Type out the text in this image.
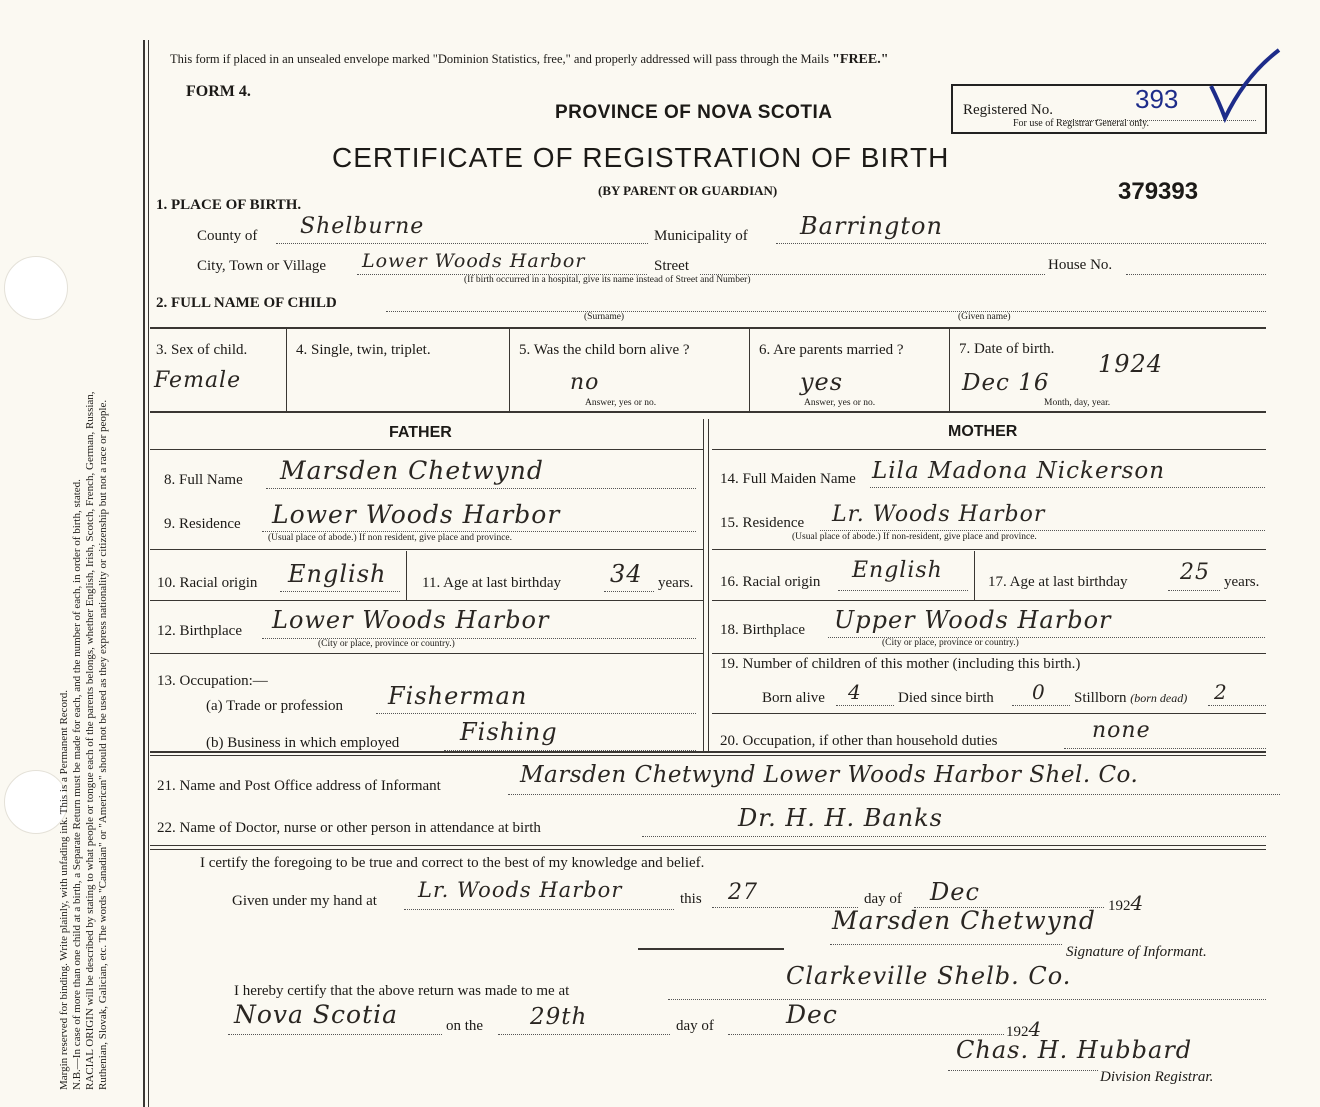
Margin reserved for binding. Write plainly, with unfading ink. This is a Permanent Record. N.B.—In case of more than one child at a birth, a Separate Return must be made for each, and the number of each, in order of birth, stated. RACIAL ORIGIN will be described by stating to what people or tongue each of the parents belongs, whether English, Irish, Scotch, French, German, Russian, Ruthenian, Slovak, Galician, etc. The words "Canadian" or "American" should not be used as they express nationality or citizenship but not a race or people.
This form if placed in an unsealed envelope marked "Dominion Statistics, free," and properly addressed will pass through the Mails "FREE."
FORM 4.
PROVINCE OF NOVA SCOTIA
CERTIFICATE OF REGISTRATION OF BIRTH
(BY PARENT OR GUARDIAN)	379393
Registered No.	393
For use of Registrar General only.
1. PLACE OF BIRTH.
County of Shelburne	Municipality of Barrington
City, Town or Village Lower Woods Harbor	Street	House No.
(If birth occurred in a hospital, give its name instead of Street and Number)
2. FULL NAME OF CHILD
(Surname)	(Given name)
3. Sex of child.
Female
4. Single, twin, triplet.	5. Was the child born alive ?
no
Answer, yes or no.
6. Are parents married ?
yes
Answer, yes or no.
7. Date of birth.
Dec 16
1924
Month, day, year.
FATHER	MOTHER
8. Full Name Marsden Chetwynd	14. Full Maiden Name Lila Madona Nickerson
9. Residence Lower Woods Harbor
(Usual place of abode.) If non resident, give place and province.
15. Residence Lr. Woods Harbor
(Usual place of abode.) If non-resident, give place and province.
10. Racial origin English 11. Age at last birthday 34 years. 16. Racial origin English	17. Age at last birthday 25 years.
12. Birthplace Lower Woods Harbor
(City or place, province or country.)
18. Birthplace Upper Woods Harbor
(City or place, province or country.)
13. Occupation:—
(a) Trade or profession Fisherman
(b) Business in which employed	Fishing
19. Number of children of this mother (including this birth.)
Born alive 4 Died since birth 0 Stillborn (born dead) 2
20. Occupation, if other than household duties	none
21. Name and Post Office address of Informant	Marsden Chetwynd Lower Woods Harbor Shel. Co.
22. Name of Doctor, nurse or other person in attendance at birth	Dr. H. H. Banks
I certify the foregoing to be true and correct to the best of my knowledge and belief.
Given under my hand at Lr. Woods Harbor	this 27	day of Dec	1924
Marsden Chetwynd
Signature of Informant.
I hereby certify that the above return was made to me at
Clarkeville Shelb. Co.
Nova Scotia	on the 29th	day of	Dec
1924
Chas. H. Hubbard
Division Registrar.
